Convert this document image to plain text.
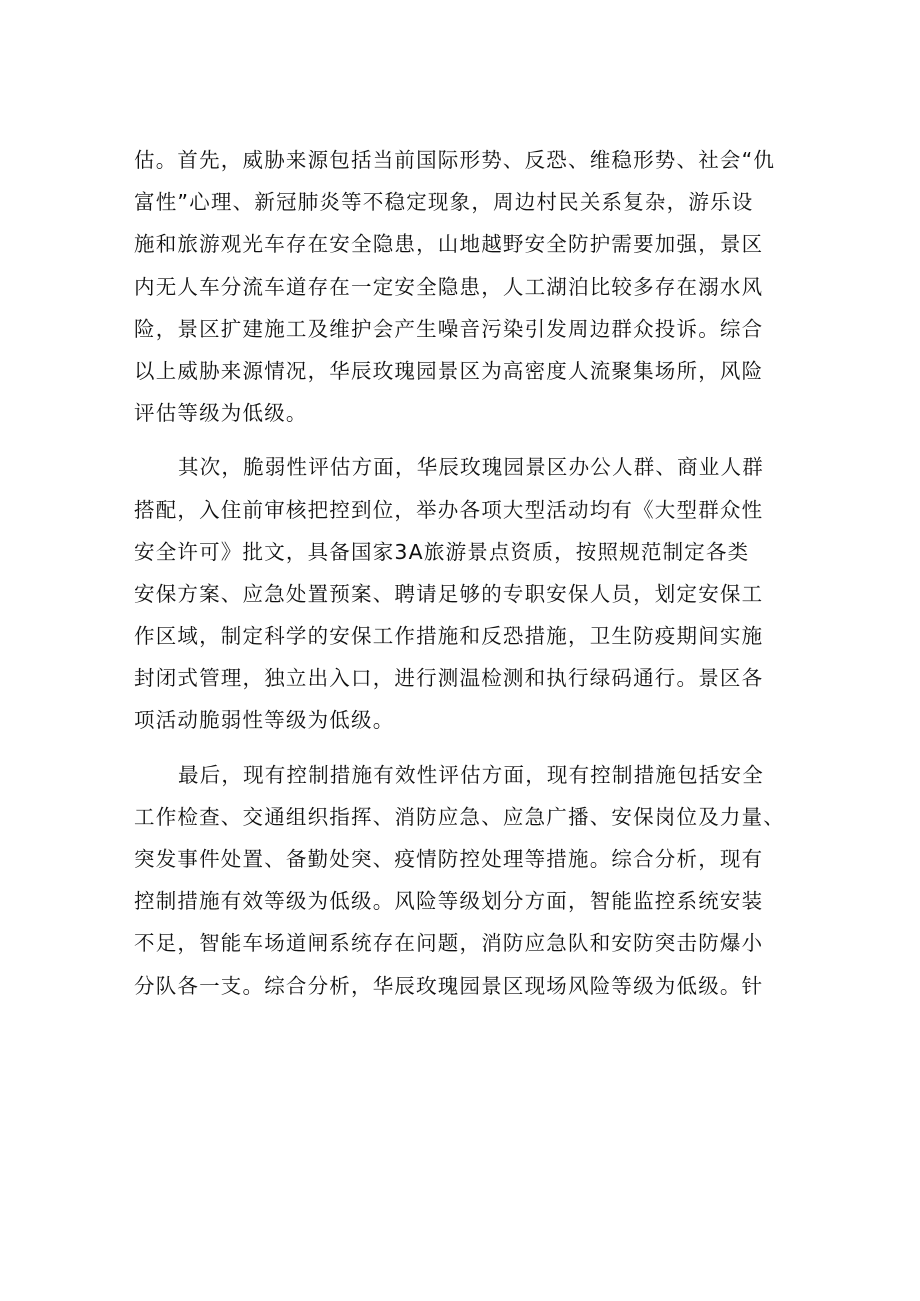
估。首先，威胁来源包括当前国际形势、反恐、维稳形势、社会“仇
富性”心理、新冠肺炎等不稳定现象，周边村民关系复杂，游乐设
施和旅游观光车存在安全隐患，山地越野安全防护需要加强，景区
内无人车分流车道存在一定安全隐患，人工湖泊比较多存在溺水风
险，景区扩建施工及维护会产生噪音污染引发周边群众投诉。综合
以上威胁来源情况，华辰玫瑰园景区为高密度人流聚集场所，风险
评估等级为低级。
其次，脆弱性评估方面，华辰玫瑰园景区办公人群、商业人群
搭配，入住前审核把控到位，举办各项大型活动均有《大型群众性
安全许可》批文，具备国家3A旅游景点资质，按照规范制定各类
安保方案、应急处置预案、聘请足够的专职安保人员，划定安保工
作区域，制定科学的安保工作措施和反恐措施，卫生防疫期间实施
封闭式管理，独立出入口，进行测温检测和执行绿码通行。景区各
项活动脆弱性等级为低级。
最后，现有控制措施有效性评估方面，现有控制措施包括安全
工作检查、交通组织指挥、消防应急、应急广播、安保岗位及力量、
突发事件处置、备勤处突、疫情防控处理等措施。综合分析，现有
控制措施有效等级为低级。风险等级划分方面，智能监控系统安装
不足，智能车场道闸系统存在问题，消防应急队和安防突击防爆小
分队各一支。综合分析，华辰玫瑰园景区现场风险等级为低级。针
